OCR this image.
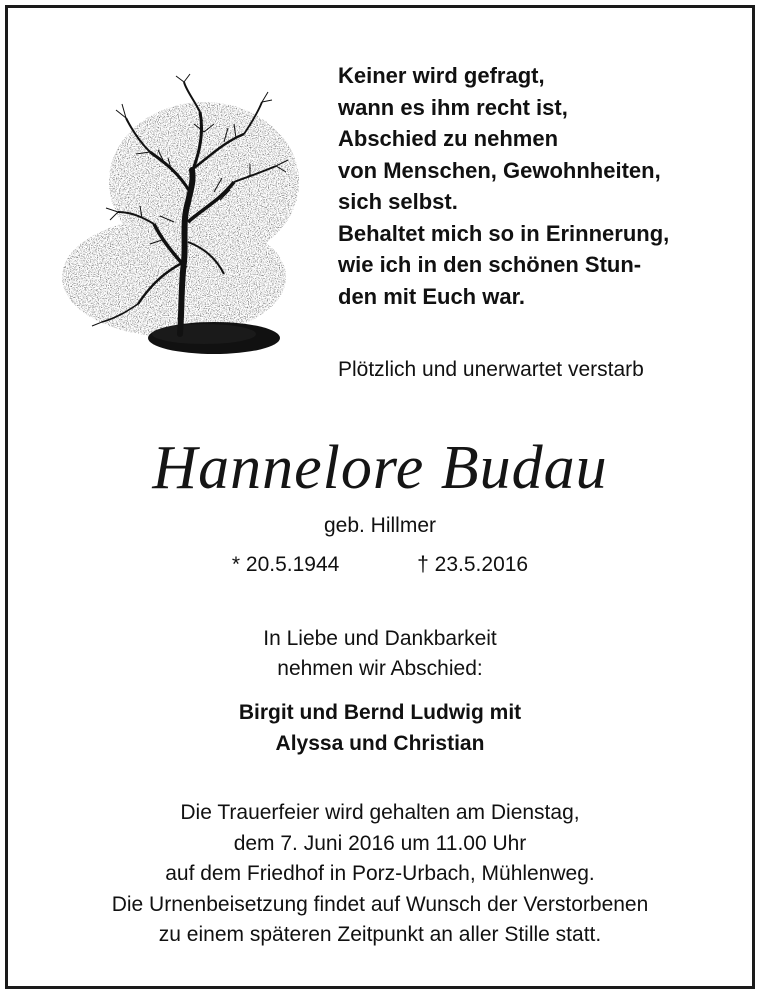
Keiner wird gefragt,
wann es ihm recht ist,
Abschied zu nehmen
von Menschen, Gewohnheiten,
sich selbst.
Behaltet mich so in Erinnerung,
wie ich in den schönen Stun-
den mit Euch war.
Plötzlich und unerwartet verstarb
Hannelore Budau
geb. Hillmer
* 20.5.1944	† 23.5.2016
In Liebe und Dankbarkeit
nehmen wir Abschied:
Birgit und Bernd Ludwig mit
Alyssa und Christian
Die Trauerfeier wird gehalten am Dienstag,
dem 7. Juni 2016 um 11.00 Uhr
auf dem Friedhof in Porz-Urbach, Mühlenweg.
Die Urnenbeisetzung findet auf Wunsch der Verstorbenen
zu einem späteren Zeitpunkt an aller Stille statt.
